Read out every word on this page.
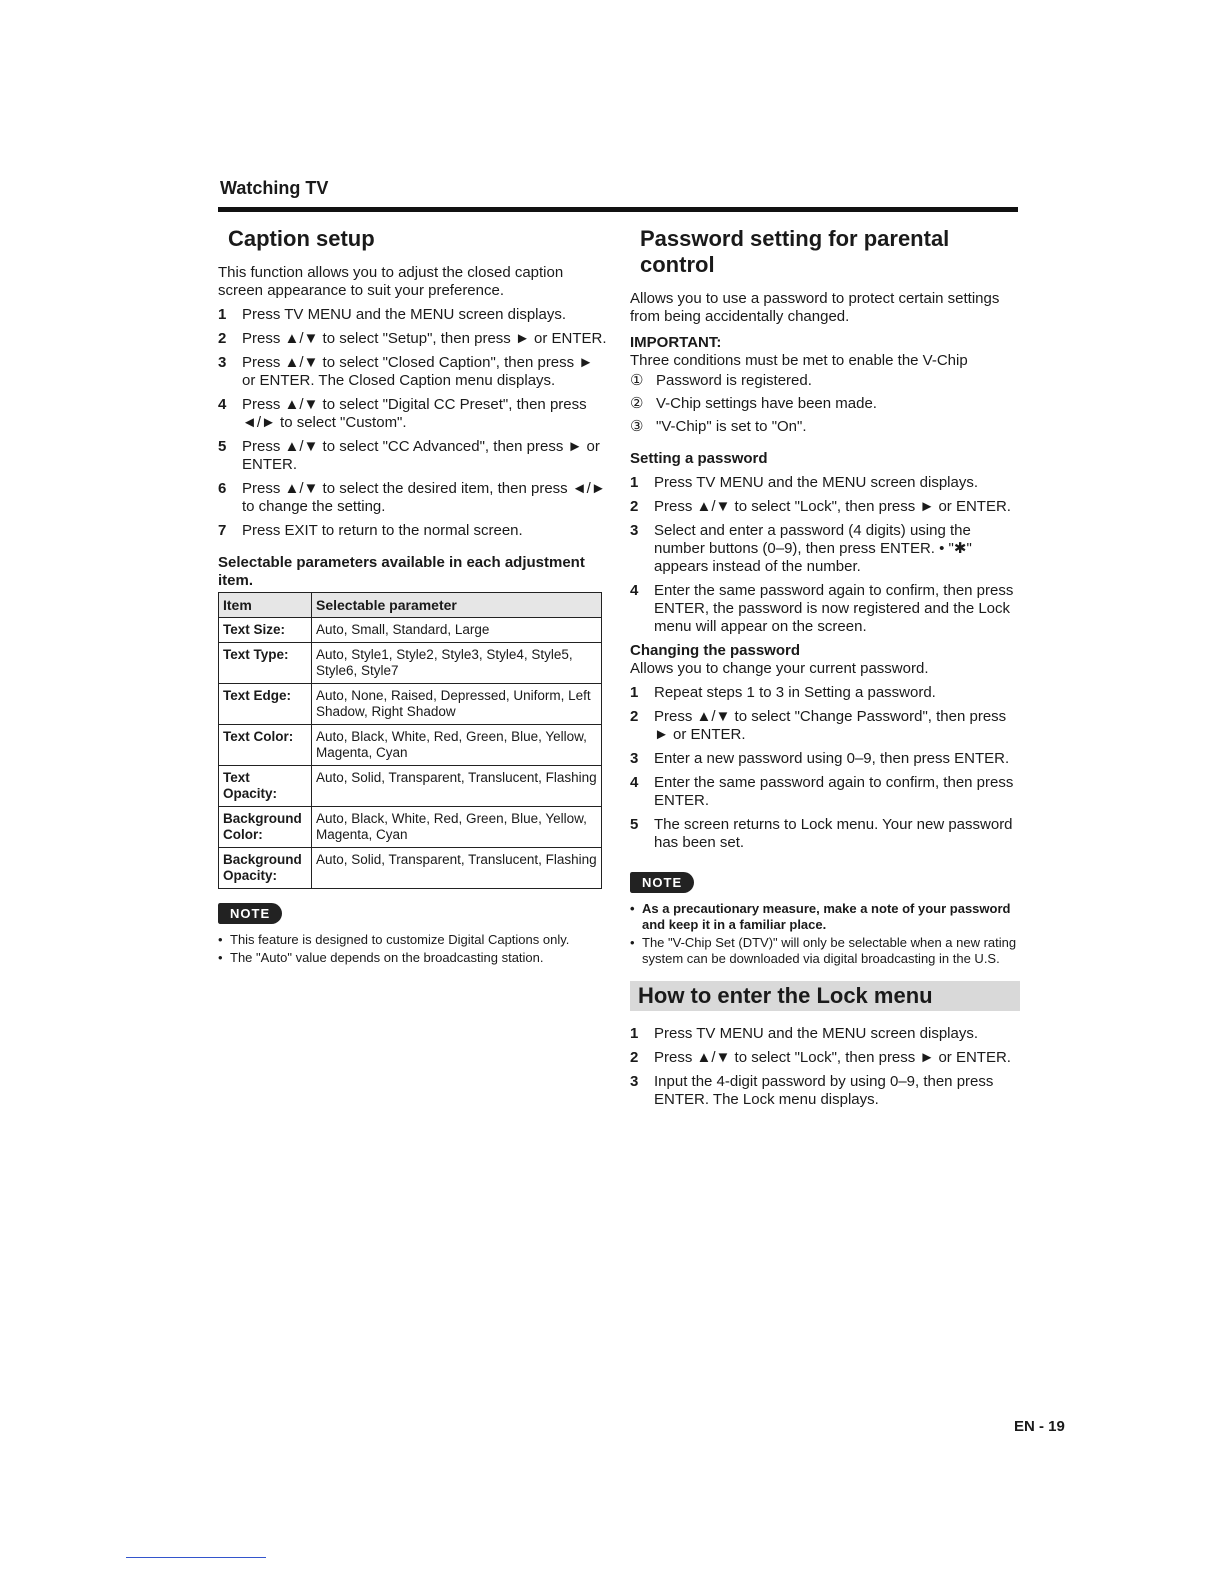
Watching TV
Caption setup

This function allows you to adjust the closed caption screen appearance to suit your preference.

1	Press TV MENU and the MENU screen displays.
2	Press ▲/▼ to select "Setup", then press ► or ENTER.
3	Press ▲/▼ to select "Closed Caption", then press ► or ENTER. The Closed Caption menu displays.
4	Press ▲/▼ to select "Digital CC Preset", then press ◄/► to select "Custom".
5	Press ▲/▼ to select "CC Advanced", then press ► or ENTER.
6	Press ▲/▼ to select the desired item, then press ◄/► to change the setting.
7	Press EXIT to return to the normal screen.
Selectable parameters available in each adjustment item.
Item	Selectable parameter
Text Size:	Auto, Small, Standard, Large
Text Type:	Auto, Style1, Style2, Style3, Style4, Style5, Style6, Style7
Text Edge:	Auto, None, Raised, Depressed, Uniform, Left Shadow, Right Shadow
Text Color:	Auto, Black, White, Red, Green, Blue, Yellow, Magenta, Cyan
Text Opacity:	Auto, Solid, Transparent, Translucent, Flashing
Background Color:	Auto, Black, White, Red, Green, Blue, Yellow, Magenta, Cyan
Background Opacity:	Auto, Solid, Transparent, Translucent, Flashing
NOTE
• This feature is designed to customize Digital Captions only.
• The "Auto" value depends on the broadcasting station.
Password setting for parental control

Allows you to use a password to protect certain settings from being accidentally changed.

IMPORTANT:

Three conditions must be met to enable the V-Chip

① Password is registered.
② V-Chip settings have been made.
③ "V-Chip" is set to "On".
Setting a password
1	Press TV MENU and the MENU screen displays.
2	Press ▲/▼ to select "Lock", then press ► or ENTER.
3	Select and enter a password (4 digits) using the number buttons (0–9), then press ENTER. • "✱" appears instead of the number.
4	Enter the same password again to confirm, then press ENTER, the password is now registered and the Lock menu will appear on the screen.
Changing the password

Allows you to change your current password.

1	Repeat steps 1 to 3 in Setting a password.
2	Press ▲/▼ to select "Change Password", then press ► or ENTER.
3	Enter a new password using 0–9, then press ENTER.
4	Enter the same password again to confirm, then press ENTER.
5	The screen returns to Lock menu. Your new password has been set.
NOTE
• As a precautionary measure, make a note of your password and keep it in a familiar place.
• The "V-Chip Set (DTV)" will only be selectable when a new rating system can be downloaded via digital broadcasting in the U.S.
How to enter the Lock menu
1	Press TV MENU and the MENU screen displays.
2	Press ▲/▼ to select "Lock", then press ► or ENTER.
3	Input the 4-digit password by using 0–9, then press ENTER. The Lock menu displays.
EN - 19
